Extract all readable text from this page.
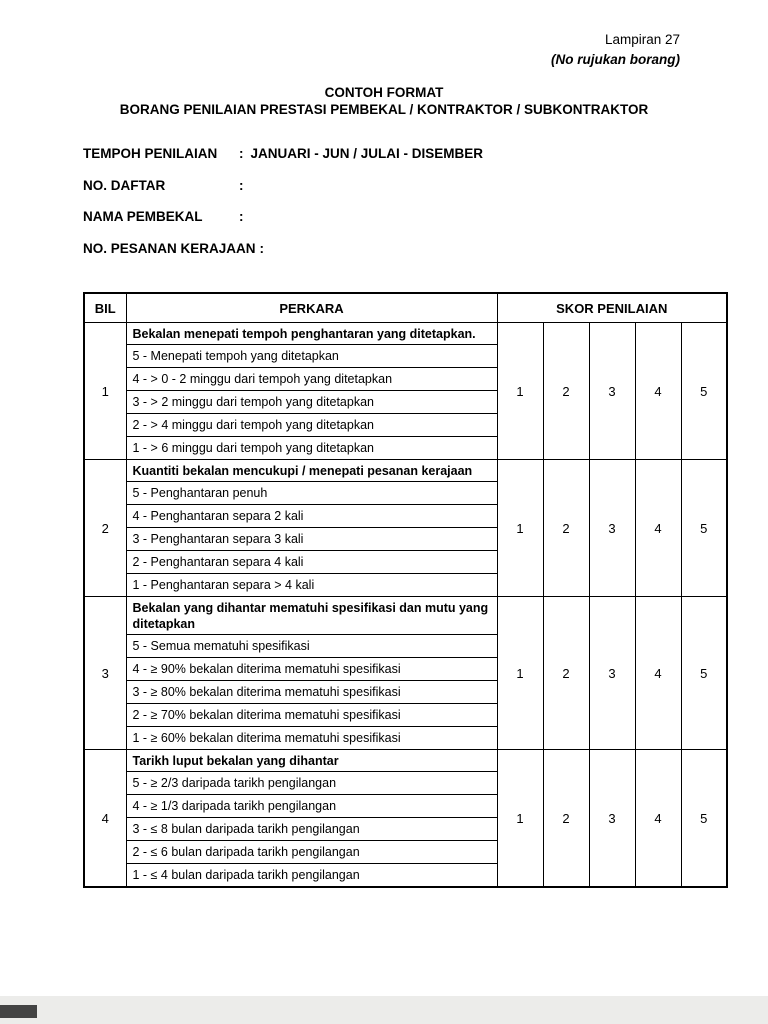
Lampiran 27
(No rujukan borang)
CONTOH FORMAT
BORANG PENILAIAN PRESTASI PEMBEKAL / KONTRAKTOR / SUBKONTRAKTOR
TEMPOH PENILAIAN	: JANUARI - JUN / JULAI - DISEMBER
NO. DAFTAR	:
NAMA PEMBEKAL	:
NO. PESANAN KERAJAAN :
BIL	PERKARA	SKOR PENILAIAN				
1	Bekalan menepati tempoh penghantaran yang ditetapkan.	1	2	3	4	5
	5 - Menepati tempoh yang ditetapkan					
	4 - > 0 - 2 minggu dari tempoh yang ditetapkan					
	3 - > 2 minggu dari tempoh yang ditetapkan					
	2 - > 4 minggu dari tempoh yang ditetapkan					
	1 - > 6 minggu dari tempoh yang ditetapkan					
2	Kuantiti bekalan mencukupi / menepati pesanan kerajaan	1	2	3	4	5
	5 - Penghantaran penuh					
	4 - Penghantaran separa 2 kali					
	3 - Penghantaran separa 3 kali					
	2 - Penghantaran separa 4 kali					
	1 - Penghantaran separa > 4 kali					
3	Bekalan yang dihantar mematuhi spesifikasi dan mutu yang ditetapkan	1	2	3	4	5
	5 - Semua mematuhi spesifikasi					
	4 - ≥ 90% bekalan diterima mematuhi spesifikasi					
	3 - ≥ 80% bekalan diterima mematuhi spesifikasi					
	2 - ≥ 70% bekalan diterima mematuhi spesifikasi					
	1 - ≥ 60% bekalan diterima mematuhi spesifikasi					
4	Tarikh luput bekalan yang dihantar	1	2	3	4	5
	5 - ≥ 2/3 daripada tarikh pengilangan					
	4 - ≥ 1/3 daripada tarikh pengilangan					
	3 - ≤ 8 bulan daripada tarikh pengilangan					
	2 - ≤ 6 bulan daripada tarikh pengilangan					
	1 - ≤ 4 bulan daripada tarikh pengilangan					
